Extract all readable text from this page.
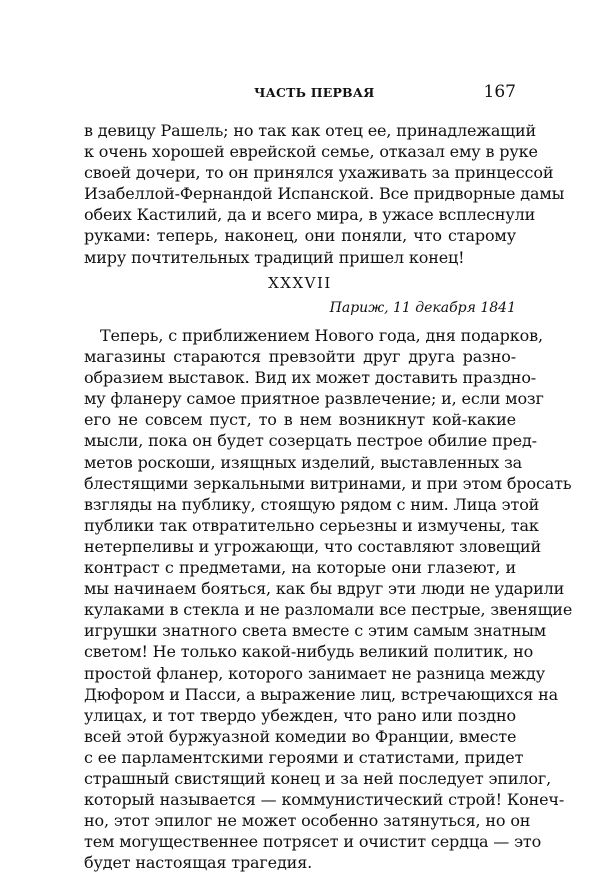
ЧАСТЬ ПЕРВАЯ	167
в девицу Рашель; но так как отец ее, принадлежащий
к очень хорошей еврейской семье, отказал ему в руке
своей дочери, то он принялся ухаживать за принцессой
Изабеллой-Фернандой Испанской. Все придворные дамы
обеих Кастилий, да и всего мира, в ужасе всплеснули
руками: теперь, наконец, они поняли, что старому
миру почтительных традиций пришел конец!
XXXVII
Париж, 11 декабря 1841
Теперь, с приближением Нового года, дня подарков,
магазины стараются превзойти друг друга разно-
образием выставок. Вид их может доставить праздно-
му фланеру самое приятное развлечение; и, если мозг
его не совсем пуст, то в нем возникнут кой-какие
мысли, пока он будет созерцать пестрое обилие пред-
метов роскоши, изящных изделий, выставленных за
блестящими зеркальными витринами, и при этом бросать
взгляды на публику, стоящую рядом с ним. Лица этой
публики так отвратительно серьезны и измучены, так
нетерпеливы и угрожающи, что составляют зловещий
контраст с предметами, на которые они глазеют, и
мы начинаем бояться, как бы вдруг эти люди не ударили
кулаками в стекла и не разломали все пестрые, звенящие
игрушки знатного света вместе с этим самым знатным
светом! Не только какой-нибудь великий политик, но
простой фланер, которого занимает не разница между
Дюфором и Пасси, а выражение лиц, встречающихся на
улицах, и тот твердо убежден, что рано или поздно
всей этой буржуазной комедии во Франции, вместе
с ее парламентскими героями и статистами, придет
страшный свистящий конец и за ней последует эпилог,
который называется — коммунистический строй! Конеч-
но, этот эпилог не может особенно затянуться, но он
тем могущественнее потрясет и очистит сердца — это
будет настоящая трагедия.
